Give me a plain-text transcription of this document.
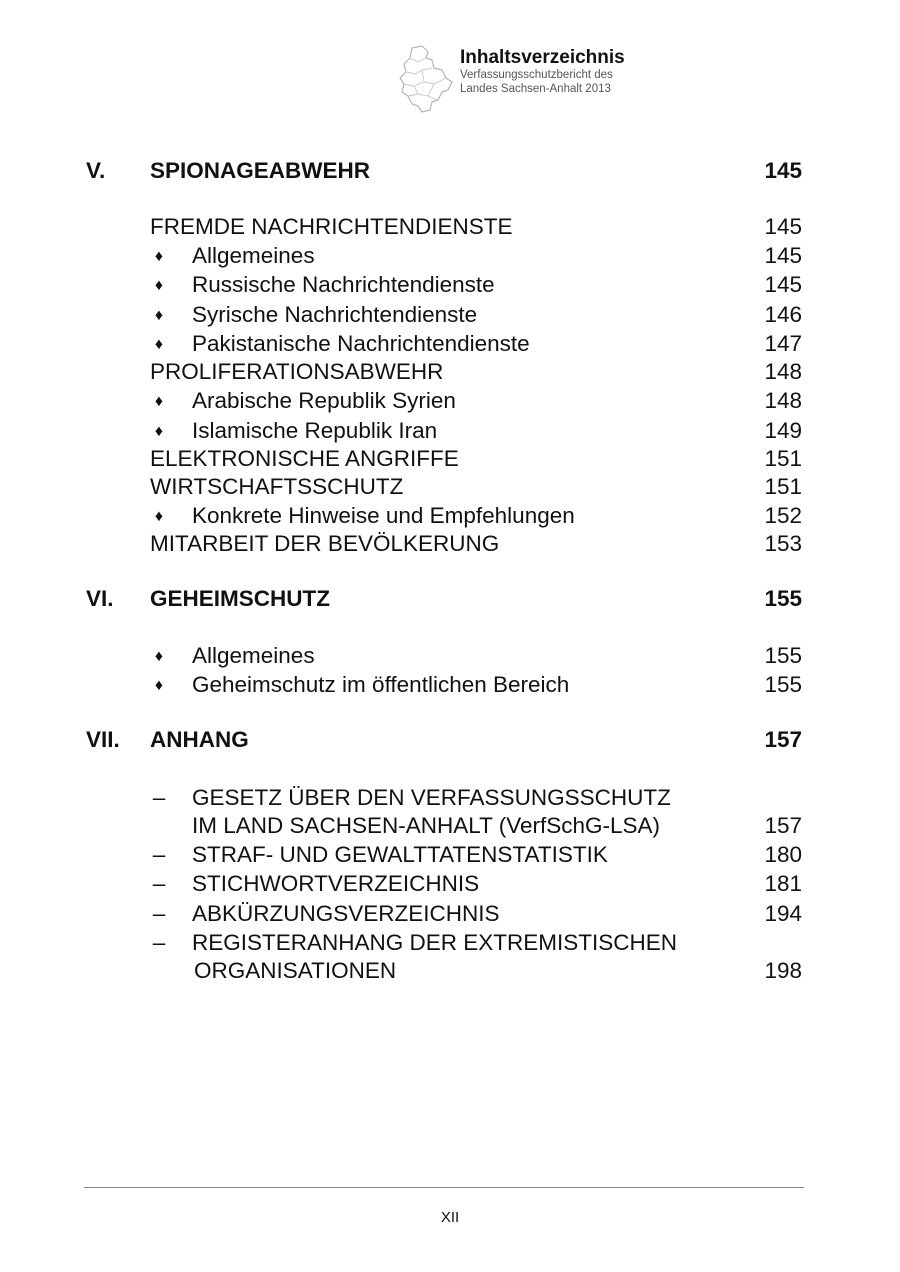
Inhaltsverzeichnis
Verfassungsschutzbericht des
Landes Sachsen-Anhalt 2013
V. SPIONAGEABWEHR	145
FREMDE NACHRICHTENDIENSTE	145
♦ Allgemeines	145
♦ Russische Nachrichtendienste	145
♦ Syrische Nachrichtendienste	146
♦ Pakistanische Nachrichtendienste	147
PROLIFERATIONSABWEHR	148
♦ Arabische Republik Syrien	148
♦ Islamische Republik Iran	149
ELEKTRONISCHE ANGRIFFE	151
WIRTSCHAFTSSCHUTZ	151
♦ Konkrete Hinweise und Empfehlungen	152
MITARBEIT DER BEVÖLKERUNG	153
VI. GEHEIMSCHUTZ	155
♦ Allgemeines	155
♦ Geheimschutz im öffentlichen Bereich	155
VII. ANHANG	157
– GESETZ ÜBER DEN VERFASSUNGSSCHUTZ
IM LAND SACHSEN-ANHALT (VerfSchG-LSA)	157
– STRAF- UND GEWALTTATENSTATISTIK	180
– STICHWORTVERZEICHNIS	181
– ABKÜRZUNGSVERZEICHNIS	194
– REGISTERANHANG DER EXTREMISTISCHEN
ORGANISATIONEN	198
XII
